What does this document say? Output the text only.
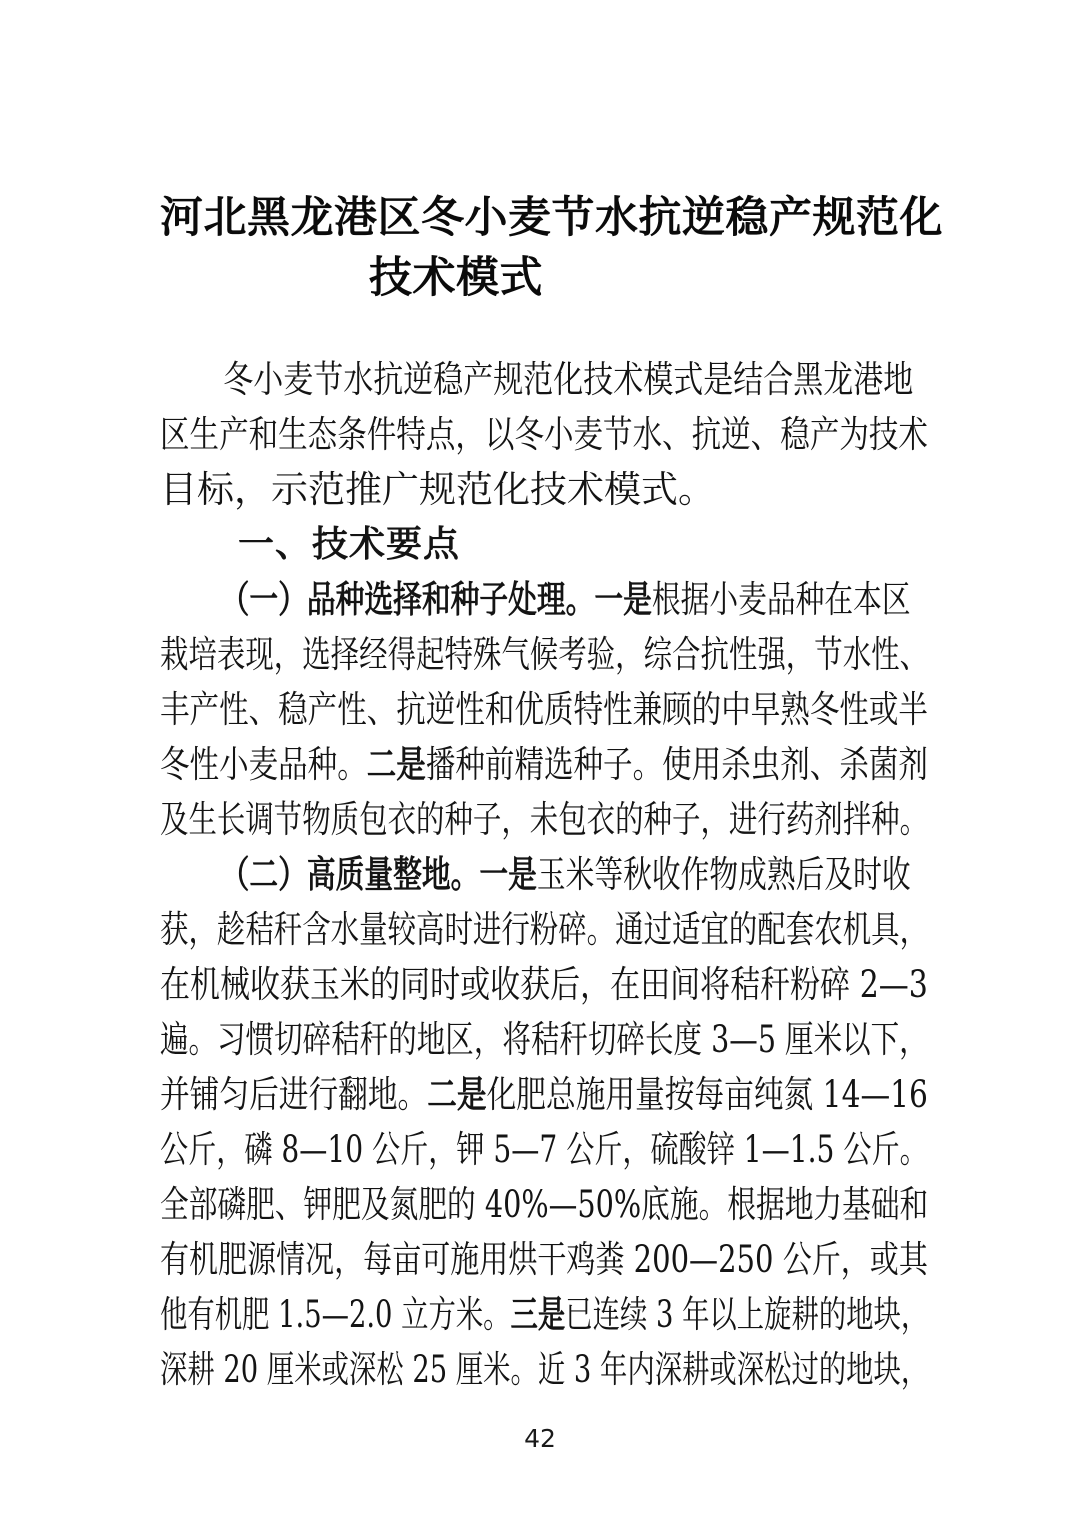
河北黑龙港区冬小麦节水抗逆稳产规范化
技术模式
冬小麦节水抗逆稳产规范化技术模式是结合黑龙港地
区生产和生态条件特点，以冬小麦节水、抗逆、稳产为技术
目标，示范推广规范化技术模式。
一、技术要点
（一）品种选择和种子处理。一是根据小麦品种在本区
栽培表现，选择经得起特殊气候考验，综合抗性强，节水性、
丰产性、稳产性、抗逆性和优质特性兼顾的中早熟冬性或半
冬性小麦品种。二是播种前精选种子。使用杀虫剂、杀菌剂
及生长调节物质包衣的种子，未包衣的种子，进行药剂拌种。
（二）高质量整地。一是玉米等秋收作物成熟后及时收
获，趁秸秆含水量较高时进行粉碎。通过适宜的配套农机具，
在机械收获玉米的同时或收获后，在田间将秸秆粉碎 2—3
遍。习惯切碎秸秆的地区，将秸秆切碎长度 3—5 厘米以下，
并铺匀后进行翻地。二是化肥总施用量按每亩纯氮 14—16
公斤，磷 8—10 公斤，钾 5—7 公斤，硫酸锌 1—1.5 公斤。
全部磷肥、钾肥及氮肥的 40%—50%底施。根据地力基础和
有机肥源情况，每亩可施用烘干鸡粪 200—250 公斤，或其
他有机肥 1.5—2.0 立方米。三是已连续 3 年以上旋耕的地块，
深耕 20 厘米或深松 25 厘米。近 3 年内深耕或深松过的地块，
42
